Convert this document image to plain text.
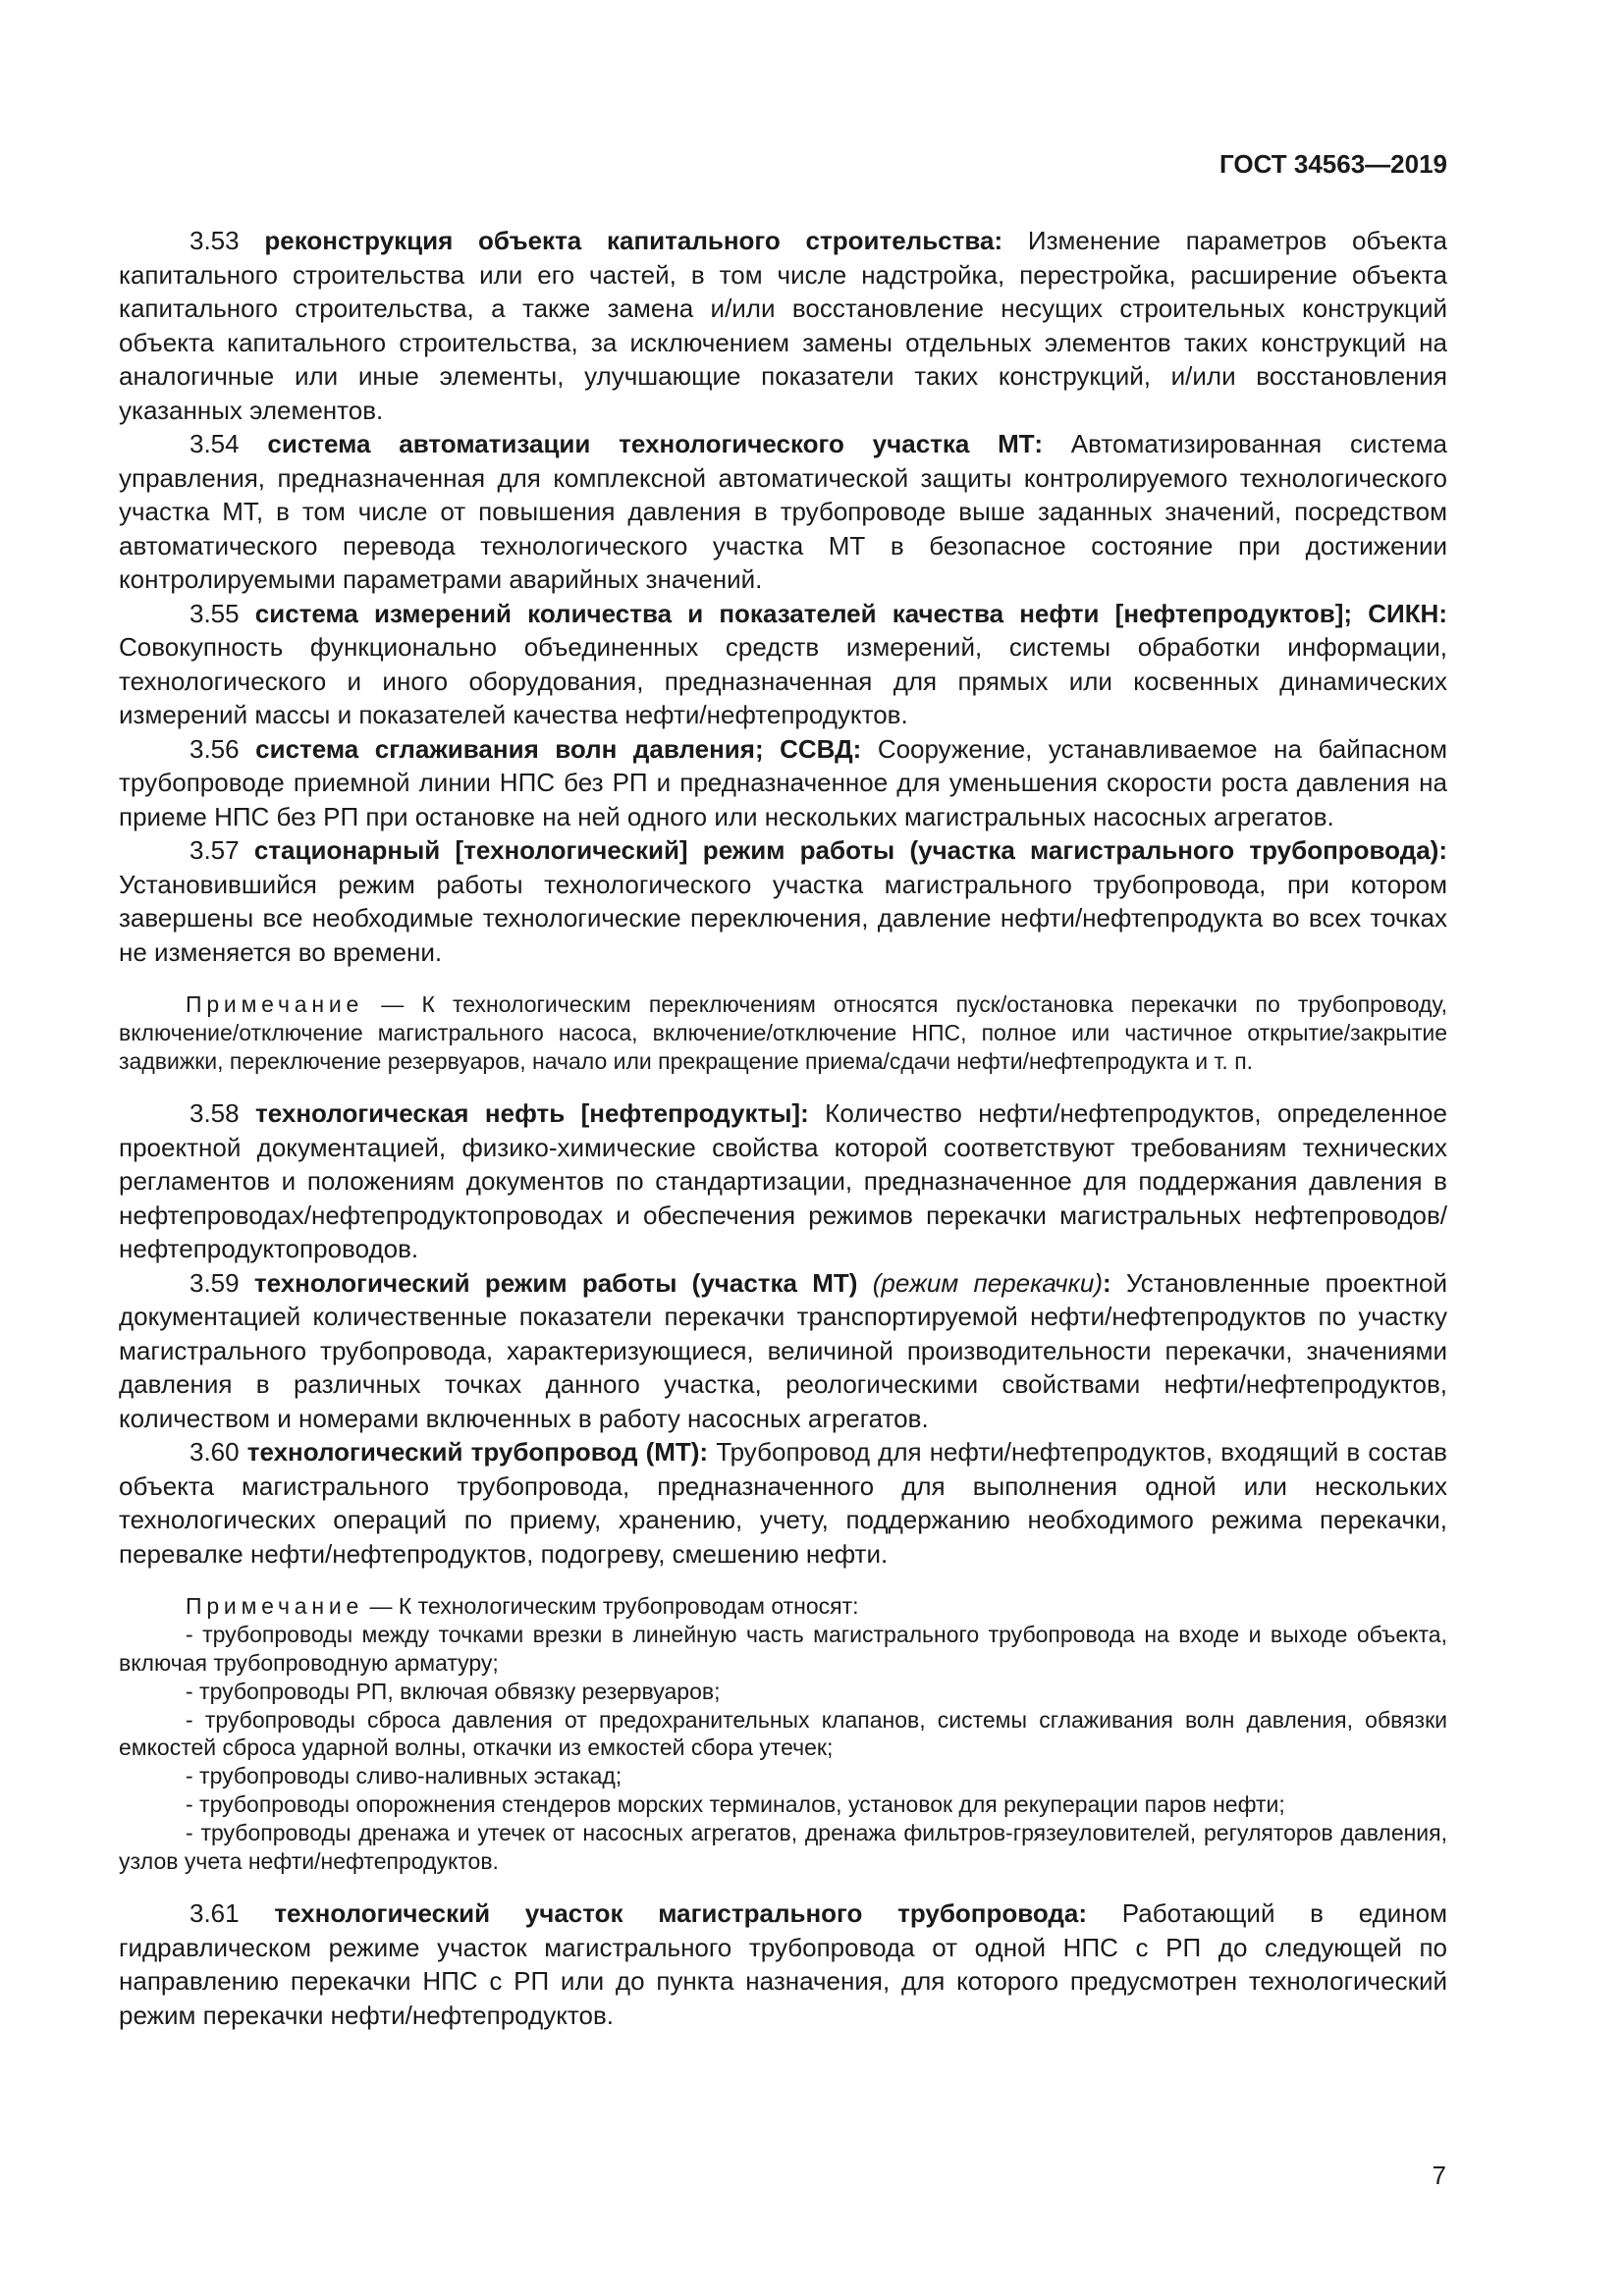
ГОСТ 34563—2019

3.53 реконструкция объекта капитального строительства: Изменение параметров объекта капитального строительства или его частей, в том числе надстройка, перестройка, расширение объекта капитального строительства, а также замена и/или восстановление несущих строительных конструкций объекта капитального строительства, за исключением замены отдельных элементов таких конструкций на аналогичные или иные элементы, улучшающие показатели таких конструкций, и/или восстановления указанных элементов.

3.54 система автоматизации технологического участка МТ: Автоматизированная система управления, предназначенная для комплексной автоматической защиты контролируемого технологического участка МТ, в том числе от повышения давления в трубопроводе выше заданных значений, посредством автоматического перевода технологического участка МТ в безопасное состояние при достижении контролируемыми параметрами аварийных значений.

3.55 система измерений количества и показателей качества нефти [нефтепродуктов]; СИКН: Совокупность функционально объединенных средств измерений, системы обработки информации, технологического и иного оборудования, предназначенная для прямых или косвенных динамических измерений массы и показателей качества нефти/нефтепродуктов.

3.56 система сглаживания волн давления; ССВД: Сооружение, устанавливаемое на байпасном трубопроводе приемной линии НПС без РП и предназначенное для уменьшения скорости роста давления на приеме НПС без РП при остановке на ней одного или нескольких магистральных насосных агрегатов.

3.57 стационарный [технологический] режим работы (участка магистрального трубопровода): Установившийся режим работы технологического участка магистрального трубопровода, при котором завершены все необходимые технологические переключения, давление нефти/нефтепродукта во всех точках не изменяется во времени.

Примечание — К технологическим переключениям относятся пуск/остановка перекачки по трубопроводу, включение/отключение магистрального насоса, включение/отключение НПС, полное или частичное открытие/закрытие задвижки, переключение резервуаров, начало или прекращение приема/сдачи нефти/нефтепродукта и т. п.

3.58 технологическая нефть [нефтепродукты]: Количество нефти/нефтепродуктов, определенное проектной документацией, физико-химические свойства которой соответствуют требованиям технических регламентов и положениям документов по стандартизации, предназначенное для поддержания давления в нефтепроводах/нефтепродуктопроводах и обеспечения режимов перекачки магистральных нефтепроводов/нефтепродуктопроводов.

3.59 технологический режим работы (участка МТ) (режим перекачки): Установленные проектной документацией количественные показатели перекачки транспортируемой нефти/нефтепродуктов по участку магистрального трубопровода, характеризующиеся, величиной производительности перекачки, значениями давления в различных точках данного участка, реологическими свойствами нефти/нефтепродуктов, количеством и номерами включенных в работу насосных агрегатов.

3.60 технологический трубопровод (МТ): Трубопровод для нефти/нефтепродуктов, входящий в состав объекта магистрального трубопровода, предназначенного для выполнения одной или нескольких технологических операций по приему, хранению, учету, поддержанию необходимого режима перекачки, перевалке нефти/нефтепродуктов, подогреву, смешению нефти.

Примечание — К технологическим трубопроводам относят:

- трубопроводы между точками врезки в линейную часть магистрального трубопровода на входе и выходе объекта, включая трубопроводную арматуру;

- трубопроводы РП, включая обвязку резервуаров;

- трубопроводы сброса давления от предохранительных клапанов, системы сглаживания волн давления, обвязки емкостей сброса ударной волны, откачки из емкостей сбора утечек;

- трубопроводы сливо-наливных эстакад;

- трубопроводы опорожнения стендеров морских терминалов, установок для рекуперации паров нефти;

- трубопроводы дренажа и утечек от насосных агрегатов, дренажа фильтров-грязеуловителей, регуляторов давления, узлов учета нефти/нефтепродуктов.

3.61 технологический участок магистрального трубопровода: Работающий в едином гидравлическом режиме участок магистрального трубопровода от одной НПС с РП до следующей по направлению перекачки НПС с РП или до пункта назначения, для которого предусмотрен технологический режим перекачки нефти/нефтепродуктов.

7
